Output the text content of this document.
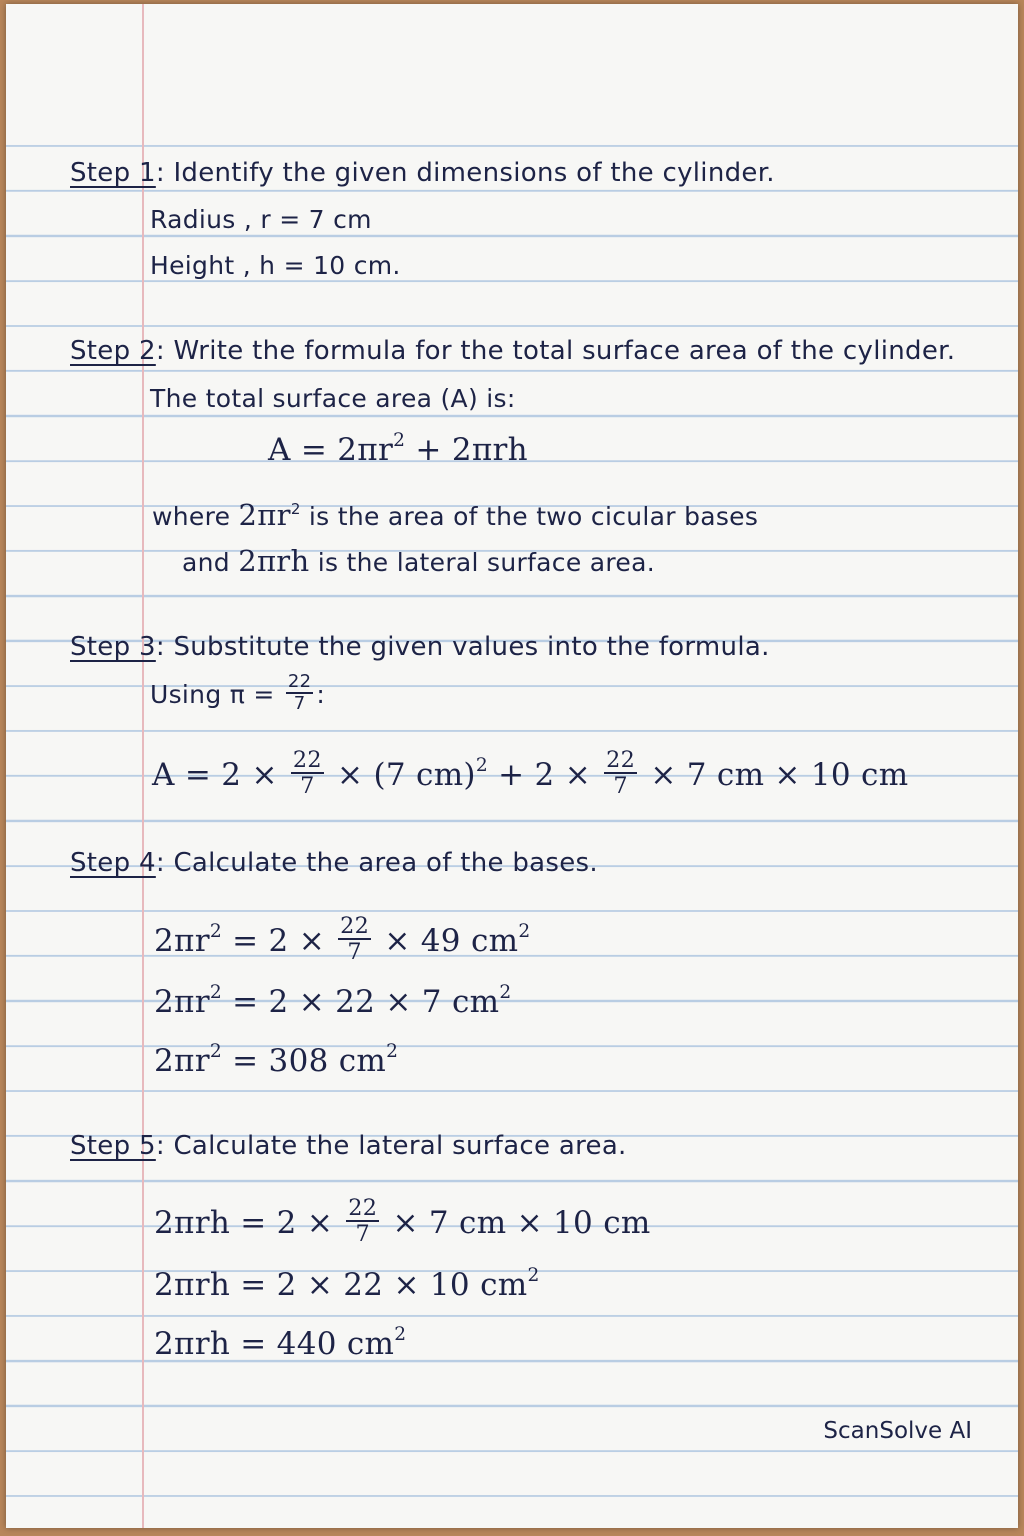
Step 1: Identify the given dimensions of the cylinder.
Radius , r = 7 cm
Height , h = 10 cm.
Step 2: Write the formula for the total surface area of the cylinder.
The total surface area (A) is:
$A = 2\pi r^2 + 2\pi rh$
where $2\pi r^2$ is the area of the two cicular bases
and 2πrh is the lateral surface area.
Step 3: Substitute the given values into the formula.
Using $\pi = \frac{22}{7}$ :
$A = 2 \times \frac{22}{7} \times (7$ $cm)^2 + 2 \times \frac{22}{7} \times 7$ cm × 10 cm
Step 4: Calculate the area of the bases.
$2\pi r^2 = 2 \times \frac{22}{7} \times 49$ $cm^2$
$2\pi r^2 = 2 \times 22 \times 7$ $cm^2$
$2\pi r^2 = 308$ $cm^2$
Step 5: Calculate the lateral surface area.
$2\pi rh = 2 \times \frac{22}{7} \times 7$ cm × 10 cm
2πrh = 2 × 22 × 10 $cm^2$
2πrh = 440 $cm^2$
ScanSolve AI
